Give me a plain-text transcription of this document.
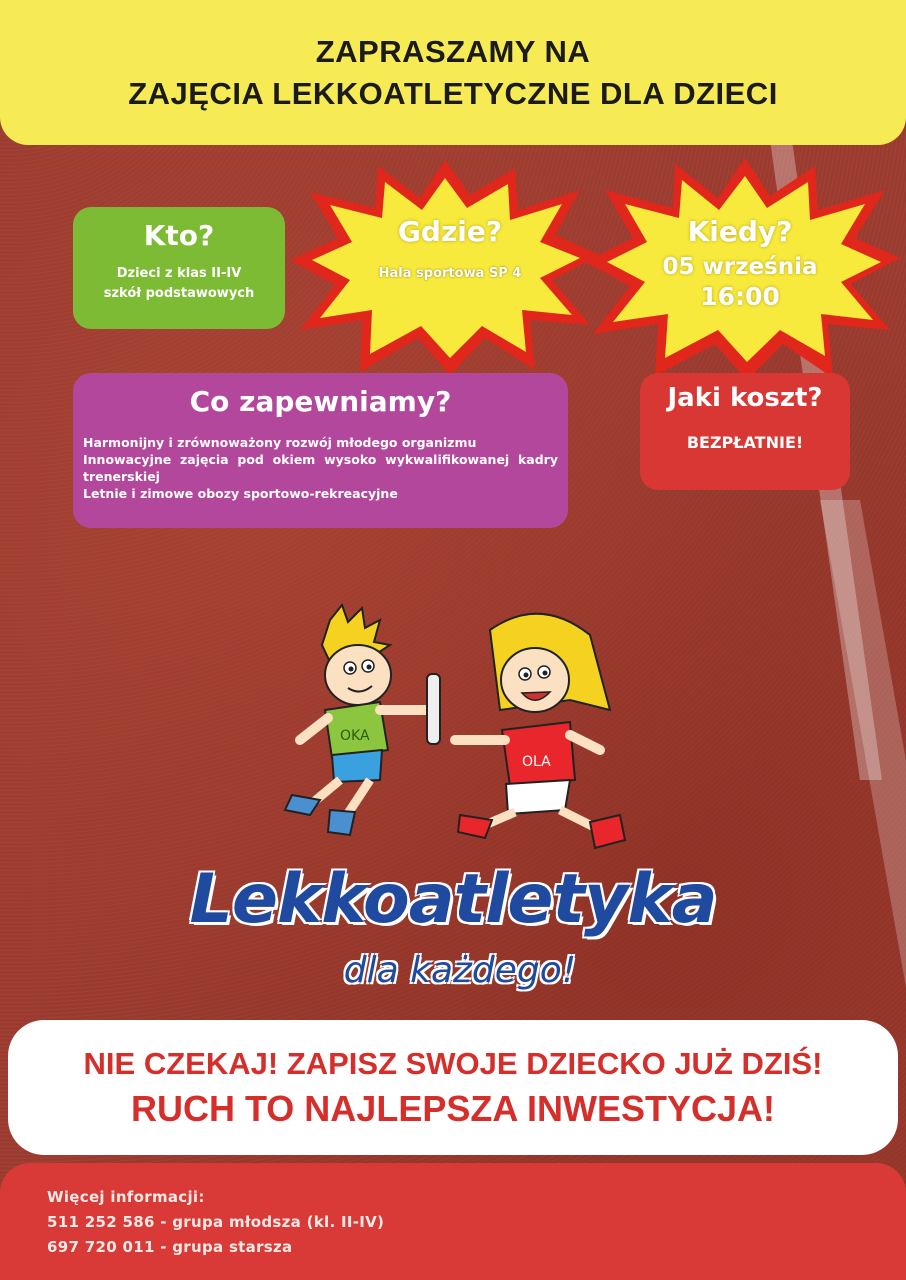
ZAPRASZAMY NA
ZAJĘCIA LEKKOATLETYCZNE DLA DZIECI
Kto?
Dzieci z klas II-IV
szkół podstawowych
Gdzie?
Hala sportowa SP 4
Kiedy?
05 września
16:00
Co zapewniamy?
Harmonijny i zrównoważony rozwój młodego organizmu
Innowacyjne zajęcia pod okiem wysoko wykwalifikowanej kadry trenerskiej
Letnie i zimowe obozy sportowo-rekreacyjne
Jaki koszt?
BEZPŁATNIE!
OKA
OLA
Lekkoatletyka
dla każdego!
NIE CZEKAJ! ZAPISZ SWOJE DZIECKO JUŻ DZIŚ!
RUCH TO NAJLEPSZA INWESTYCJA!
Więcej informacji:
511 252 586 - grupa młodsza (kl. II-IV)
697 720 011 - grupa starsza
